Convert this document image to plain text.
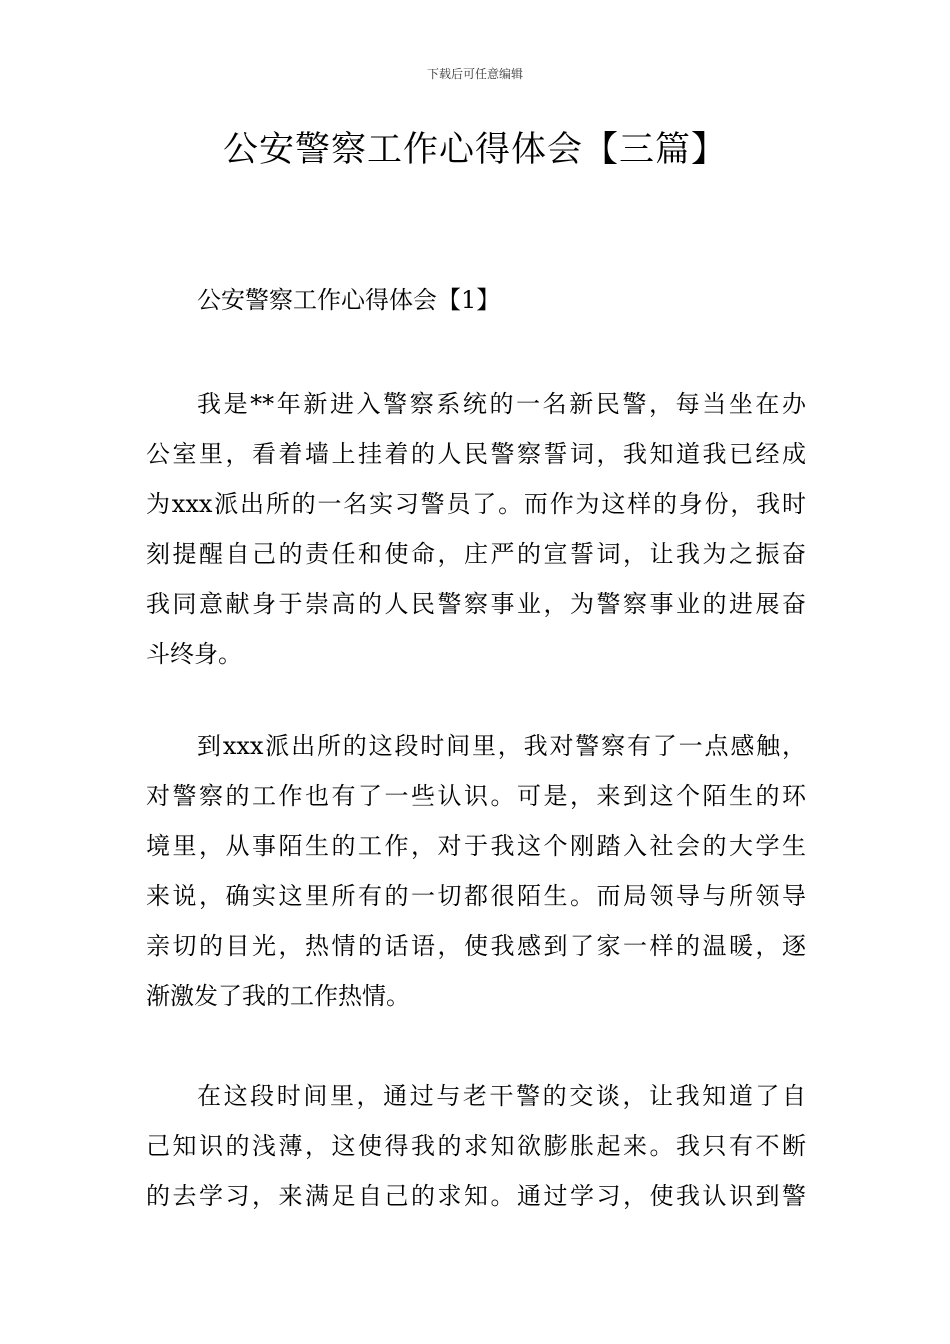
下载后可任意编辑
公安警察工作心得体会【三篇】
公安警察工作心得体会【1】
我是**年新进入警察系统的一名新民警，每当坐在办
公室里，看着墙上挂着的人民警察誓词，我知道我已经成
为xxx派出所的一名实习警员了。而作为这样的身份，我时
刻提醒自己的责任和使命，庄严的宣誓词，让我为之振奋
我同意献身于崇高的人民警察事业，为警察事业的进展奋
斗终身。
到xxx派出所的这段时间里，我对警察有了一点感触，
对警察的工作也有了一些认识。可是，来到这个陌生的环
境里，从事陌生的工作，对于我这个刚踏入社会的大学生
来说，确实这里所有的一切都很陌生。而局领导与所领导
亲切的目光，热情的话语，使我感到了家一样的温暖，逐
渐激发了我的工作热情。
在这段时间里，通过与老干警的交谈，让我知道了自
己知识的浅薄，这使得我的求知欲膨胀起来。我只有不断
的去学习，来满足自己的求知。通过学习，使我认识到警
